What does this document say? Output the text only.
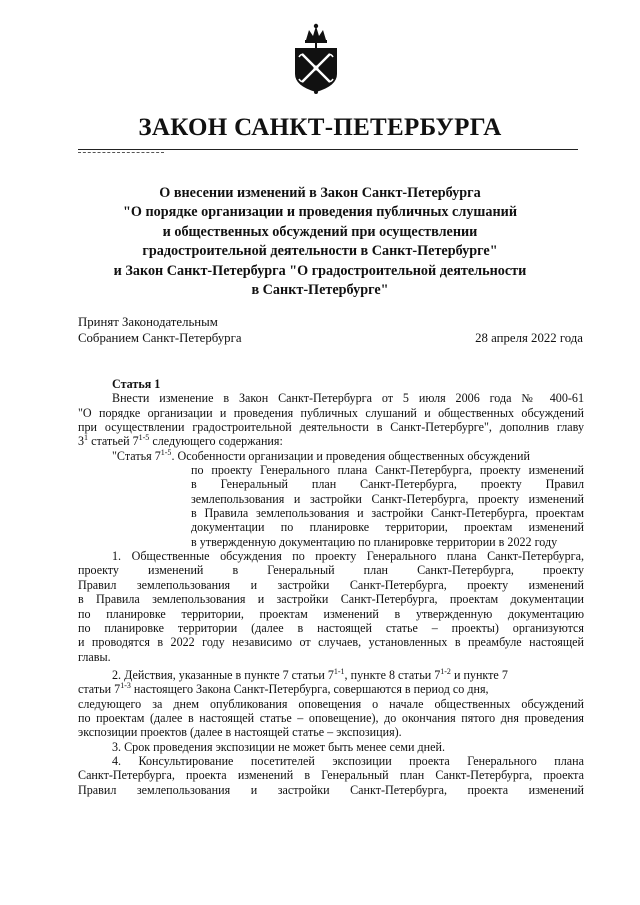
ЗАКОН САНКТ-ПЕТЕРБУРГА
О внесении изменений в Закон Санкт-Петербурга
"О порядке организации и проведения публичных слушаний
и общественных обсуждений при осуществлении
градостроительной деятельности в Санкт-Петербурге"
и Закон Санкт-Петербурга "О градостроительной деятельности
в Санкт-Петербурге"
Принят Законодательным
Собранием Санкт-Петербурга	28 апреля 2022 года
Статья 1
Внести изменение в Закон Санкт-Петербурга от 5 июля 2006 года № 400-61
"О порядке организации и проведения публичных слушаний и общественных обсуждений
при осуществлении градостроительной деятельности в Санкт-Петербурге", дополнив главу
$3^1$ статьей 7$^{1-5}$ следующего содержания:
"Статья 7$^{1-5}$. Особенности организации и проведения общественных обсуждений
по проекту Генерального плана Санкт-Петербурга, проекту изменений
в Генеральный план Санкт-Петербурга, проекту Правил
землепользования и застройки Санкт-Петербурга, проекту изменений
в Правила землепользования и застройки Санкт-Петербурга, проектам
документации по планировке территории, проектам изменений
в утвержденную документацию по планировке территории в 2022 году
1. Общественные обсуждения по проекту Генерального плана Санкт-Петербурга,
проекту изменений в Генеральный план Санкт-Петербурга, проекту
Правил землепользования и застройки Санкт-Петербурга, проекту изменений
в Правила землепользования и застройки Санкт-Петербурга, проектам документации
по планировке территории, проектам изменений в утвержденную документацию
по планировке территории (далее в настоящей статье – проекты) организуются
и проводятся в 2022 году независимо от случаев, установленных в преамбуле настоящей
главы.
2. Действия, указанные в пункте 7 статьи 7$^{1-1}$, пункте 8 статьи 7$^{1-2}$ и пункте 7
статьи 7$^{1-3}$ настоящего Закона Санкт-Петербурга, совершаются в период со дня,
следующего за днем опубликования оповещения о начале общественных обсуждений
по проектам (далее в настоящей статье – оповещение), до окончания пятого дня проведения
экспозиции проектов (далее в настоящей статье – экспозиция).
3. Срок проведения экспозиции не может быть менее семи дней.
4. Консультирование посетителей экспозиции проекта Генерального плана
Санкт-Петербурга, проекта изменений в Генеральный план Санкт-Петербурга, проекта
Правил землепользования и застройки Санкт-Петербурга, проекта изменений
